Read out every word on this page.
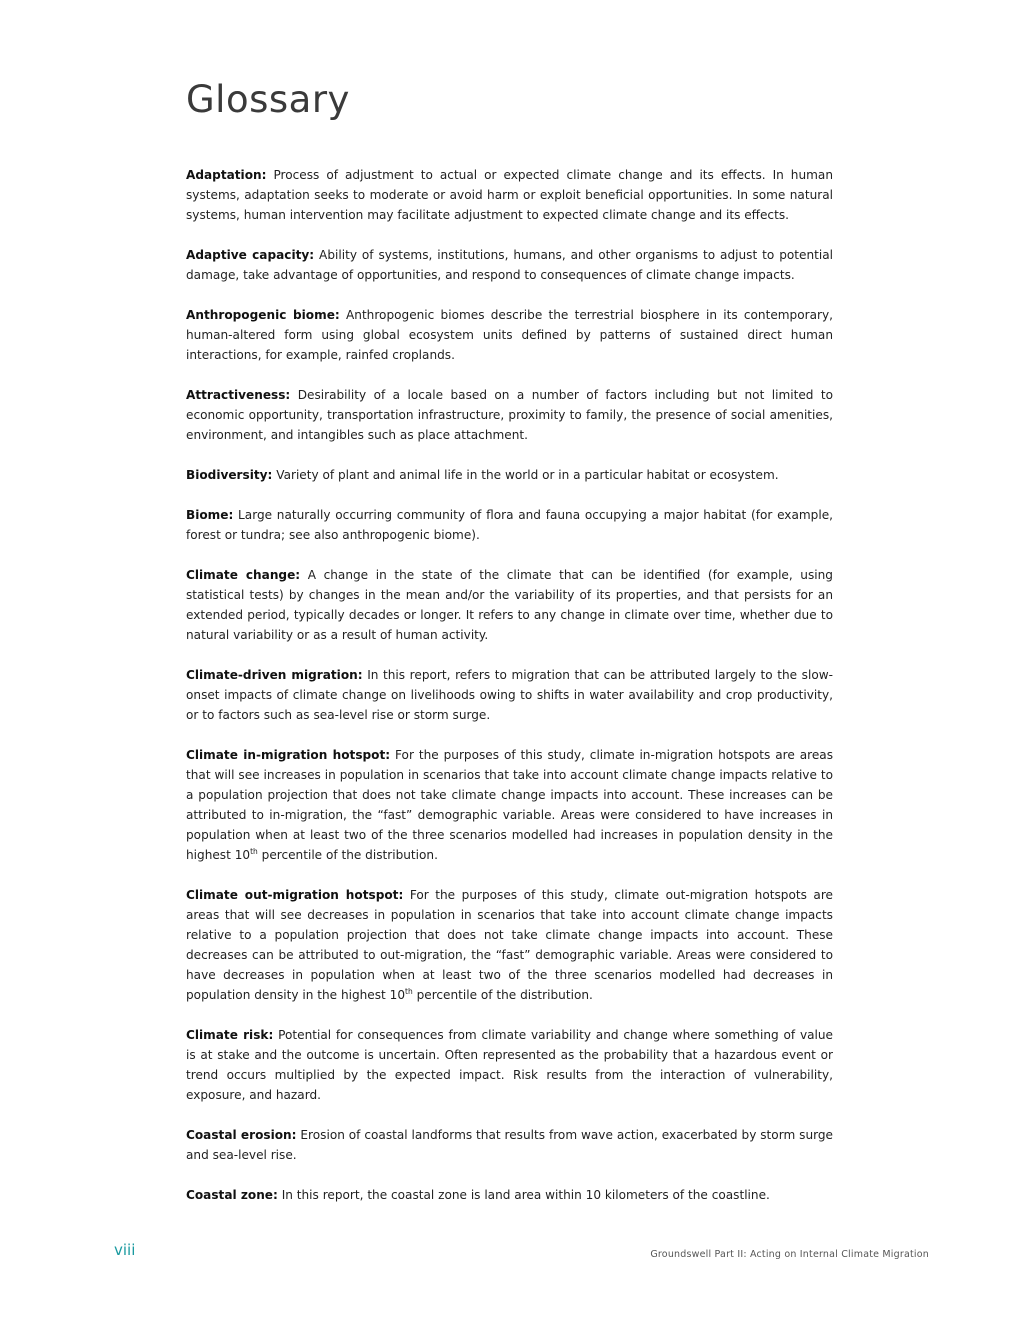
Glossary

Adaptation: Process of adjustment to actual or expected climate change and its effects. In human systems, adaptation seeks to moderate or avoid harm or exploit beneficial opportunities. In some natural systems, human intervention may facilitate adjustment to expected climate change and its effects.

Adaptive capacity: Ability of systems, institutions, humans, and other organisms to adjust to potential damage, take advantage of opportunities, and respond to consequences of climate change impacts.

Anthropogenic biome: Anthropogenic biomes describe the terrestrial biosphere in its contemporary, human-altered form using global ecosystem units defined by patterns of sustained direct human interactions, for example, rainfed croplands.

Attractiveness: Desirability of a locale based on a number of factors including but not limited to economic opportunity, transportation infrastructure, proximity to family, the presence of social amenities, environment, and intangibles such as place attachment.

Biodiversity: Variety of plant and animal life in the world or in a particular habitat or ecosystem.

Biome: Large naturally occurring community of flora and fauna occupying a major habitat (for example, forest or tundra; see also anthropogenic biome).

Climate change: A change in the state of the climate that can be identified (for example, using statistical tests) by changes in the mean and/or the variability of its properties, and that persists for an extended period, typically decades or longer. It refers to any change in climate over time, whether due to natural variability or as a result of human activity.

Climate-driven migration: In this report, refers to migration that can be attributed largely to the slow-onset impacts of climate change on livelihoods owing to shifts in water availability and crop productivity, or to factors such as sea-level rise or storm surge.

Climate in-migration hotspot: For the purposes of this study, climate in-migration hotspots are areas that will see increases in population in scenarios that take into account climate change impacts relative to a population projection that does not take climate change impacts into account. These increases can be attributed to in-migration, the “fast” demographic variable. Areas were considered to have increases in population when at least two of the three scenarios modelled had increases in population density in the highest 10th percentile of the distribution.

Climate out-migration hotspot: For the purposes of this study, climate out-migration hotspots are areas that will see decreases in population in scenarios that take into account climate change impacts relative to a population projection that does not take climate change impacts into account. These decreases can be attributed to out-migration, the “fast” demographic variable. Areas were considered to have decreases in population when at least two of the three scenarios modelled had decreases in population density in the highest 10th percentile of the distribution.

Climate risk: Potential for consequences from climate variability and change where something of value is at stake and the outcome is uncertain. Often represented as the probability that a hazardous event or trend occurs multiplied by the expected impact. Risk results from the interaction of vulnerability, exposure, and hazard.

Coastal erosion: Erosion of coastal landforms that results from wave action, exacerbated by storm surge and sea-level rise.

Coastal zone: In this report, the coastal zone is land area within 10 kilometers of the coastline.

viii	Groundswell Part II: Acting on Internal Climate Migration
